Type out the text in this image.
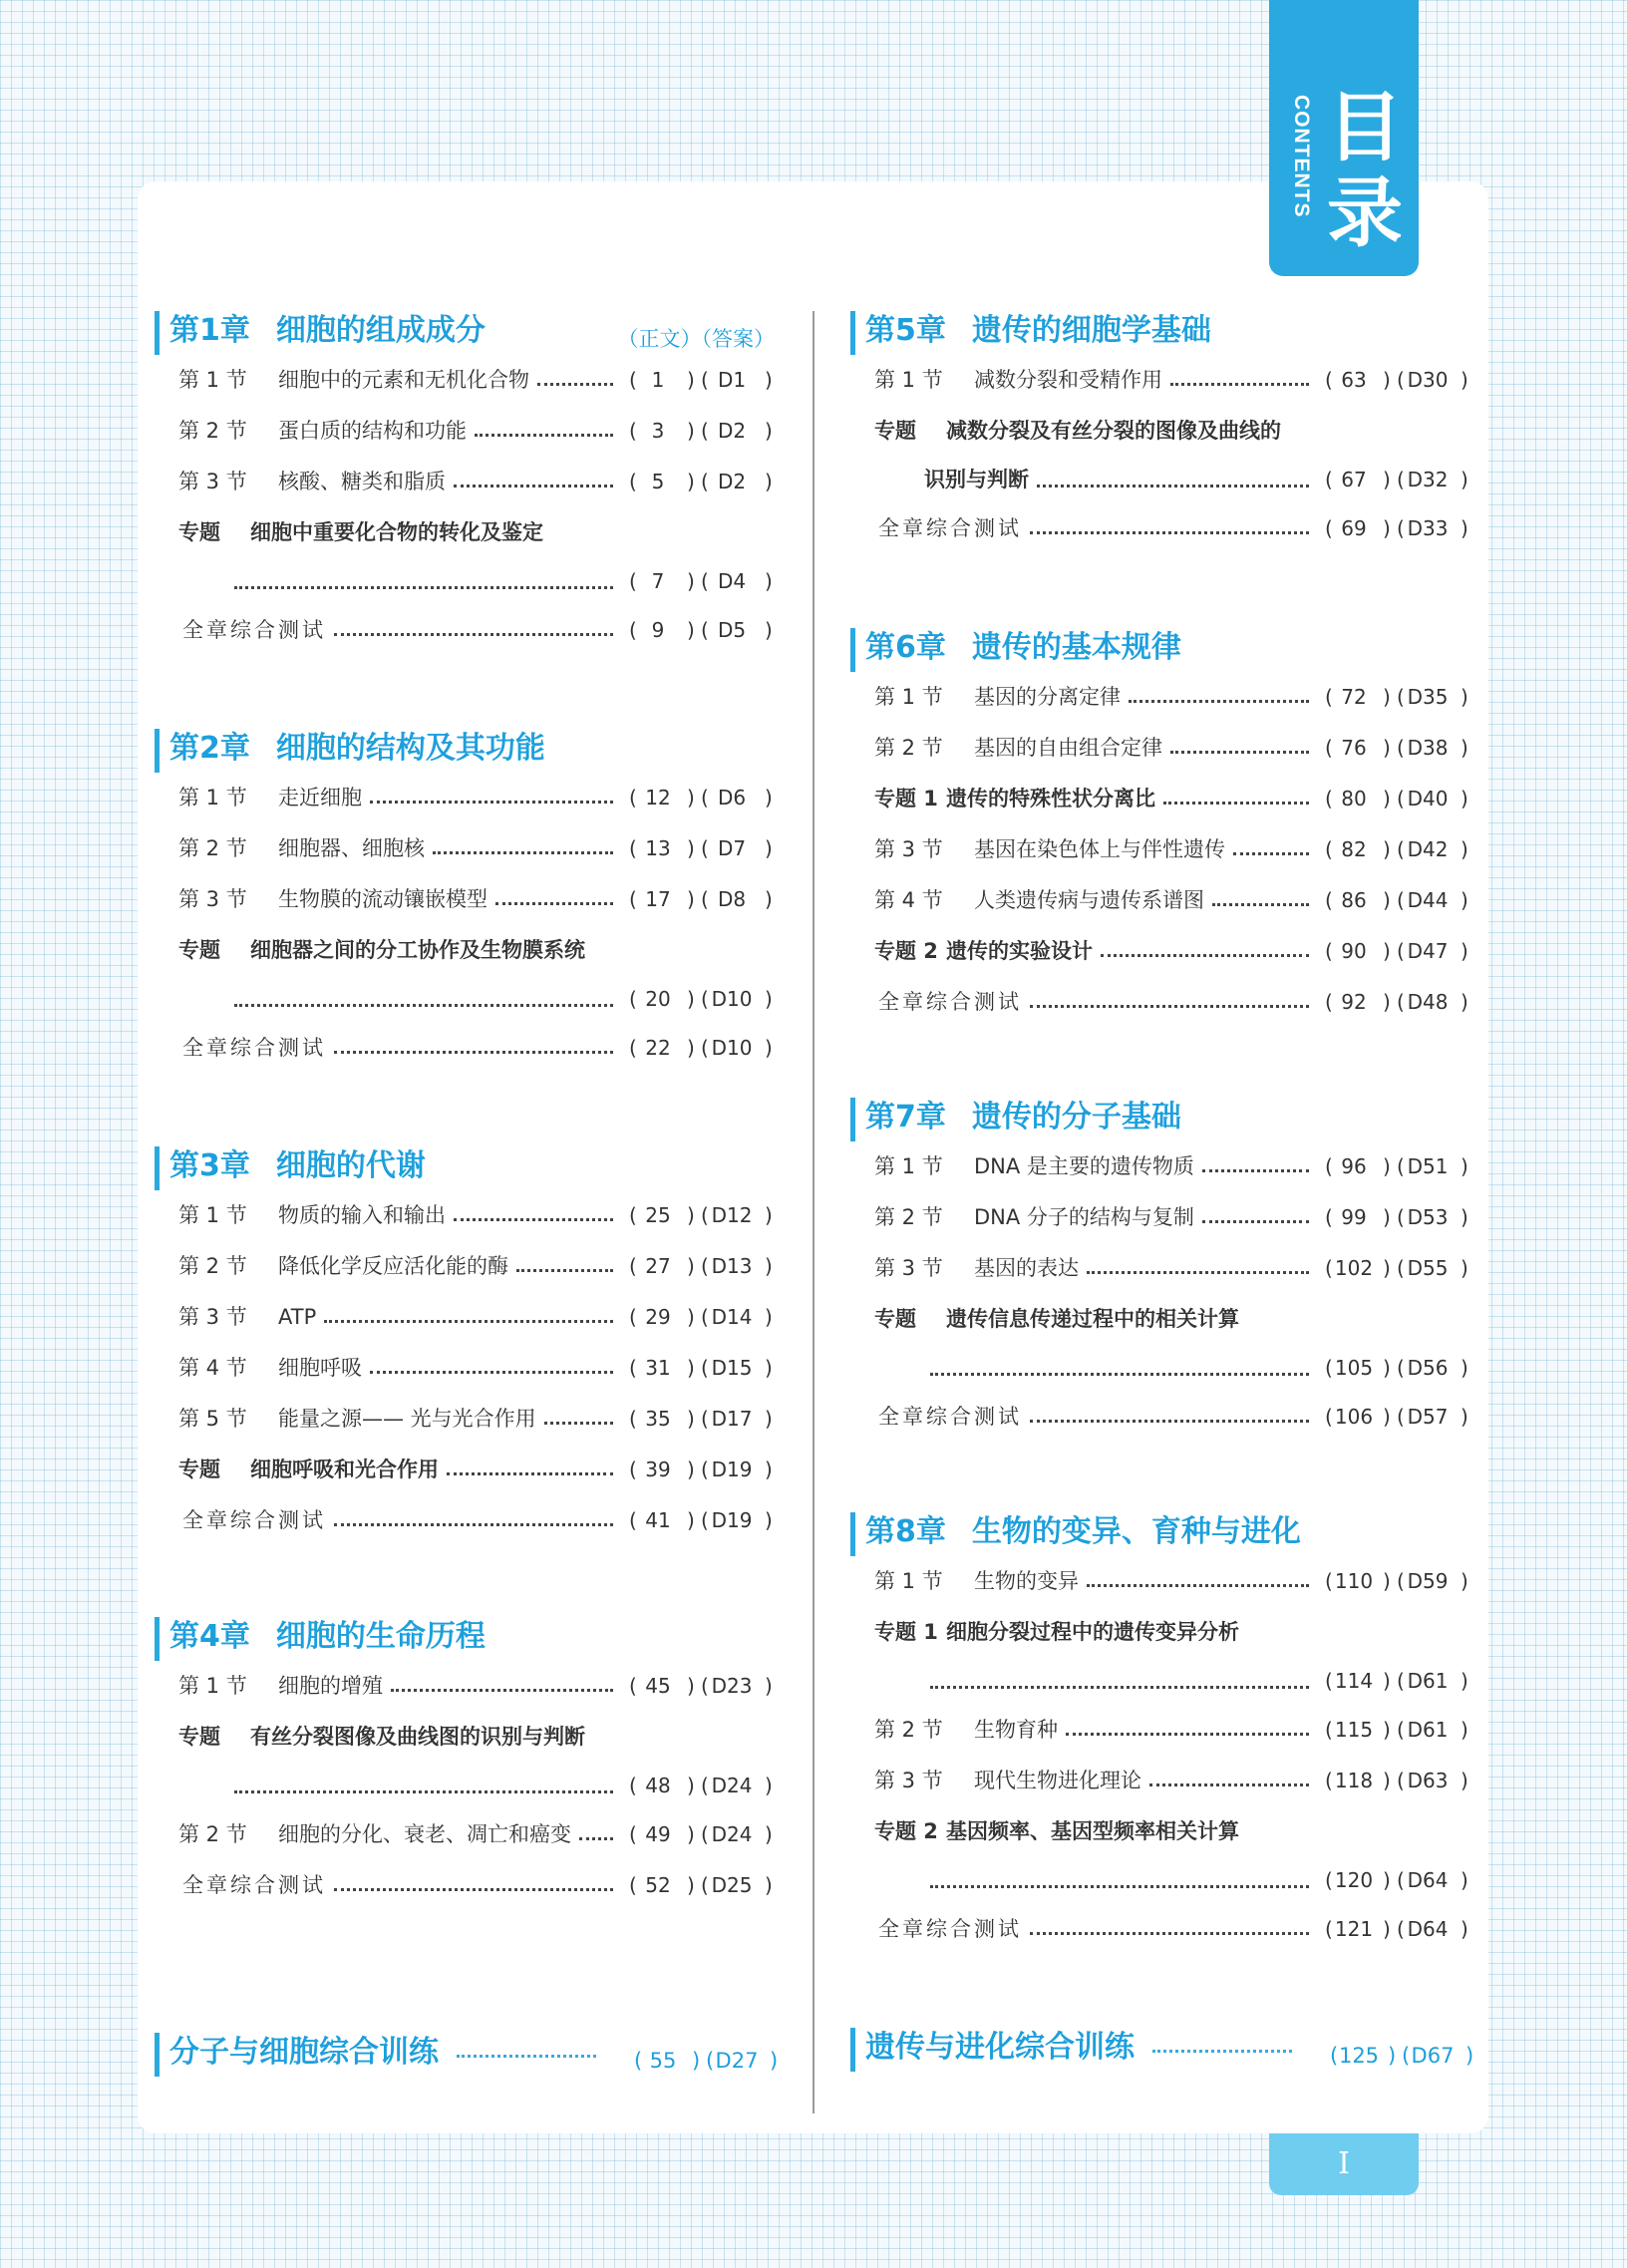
CONTENTS 目录
第1章 细胞的组成成分	（正文）（答案）
第 1 节 细胞中的元素和无机化合物	( 1	) ( D1 )
第 2 节 蛋白质的结构和功能	( 3	) ( D2 )
第 3 节 核酸、糖类和脂质	( 5	) ( D2 )
专题 细胞中重要化合物的转化及鉴定
( 7	) ( D4 )
全章综合测试	( 9	) ( D5 )
第2章 细胞的结构及其功能
第 1 节 走近细胞	( 12 ) ( D6 )
第 2 节 细胞器、细胞核	( 13 ) ( D7 )
第 3 节 生物膜的流动镶嵌模型	( 17 ) ( D8 )
专题 细胞器之间的分工协作及生物膜系统
( 20 ) ( D10 )
全章综合测试	( 22 ) ( D10 )
第3章 细胞的代谢
第 1 节 物质的输入和输出	( 25 ) ( D12 )
第 2 节 降低化学反应活化能的酶	( 27 ) ( D13 )
第 3 节 ATP	( 29 ) ( D14 )
第 4 节 细胞呼吸	( 31 ) ( D15 )
第 5 节 能量之源—— 光与光合作用	( 35 ) ( D17 )
专题 细胞呼吸和光合作用	( 39 ) ( D19 )
全章综合测试	( 41 ) ( D19 )
第4章 细胞的生命历程
第 1 节 细胞的增殖	( 45 ) ( D23 )
专题 有丝分裂图像及曲线图的识别与判断
( 48 ) ( D24 )
第 2 节 细胞的分化、衰老、凋亡和癌变	( 49 ) ( D24 )
全章综合测试	( 52 ) ( D25 )
分子与细胞综合训练	( 55 ) ( D27 )
第5章 遗传的细胞学基础
第 1 节 减数分裂和受精作用	( 63 ) ( D30 )
专题 减数分裂及有丝分裂的图像及曲线的
识别与判断	( 67 ) ( D32 )
全章综合测试	( 69 ) ( D33 )
第6章 遗传的基本规律
第 1 节 基因的分离定律	( 72 ) ( D35 )
第 2 节 基因的自由组合定律	( 76 ) ( D38 )
专题 1 遗传的特殊性状分离比	( 80 ) ( D40 )
第 3 节 基因在染色体上与伴性遗传	( 82 ) ( D42 )
第 4 节 人类遗传病与遗传系谱图	( 86 ) ( D44 )
专题 2 遗传的实验设计	( 90 ) ( D47 )
全章综合测试	( 92 ) ( D48 )
第7章 遗传的分子基础
第 1 节 DNA 是主要的遗传物质	( 96 ) ( D51 )
第 2 节 DNA 分子的结构与复制	( 99 ) ( D53 )
第 3 节 基因的表达	( 102 ) ( D55 )
专题 遗传信息传递过程中的相关计算
( 105 ) ( D56 )
全章综合测试	( 106 ) ( D57 )
第8章 生物的变异、育种与进化
第 1 节 生物的变异	( 110 ) ( D59 )
专题 1 细胞分裂过程中的遗传变异分析
( 114 ) ( D61 )
第 2 节 生物育种	( 115 ) ( D61 )
第 3 节 现代生物进化理论	( 118 ) ( D63 )
专题 2 基因频率、基因型频率相关计算
( 120 ) ( D64 )
全章综合测试	( 121 ) ( D64 )
遗传与进化综合训练	( 125 ) ( D67 )
I
